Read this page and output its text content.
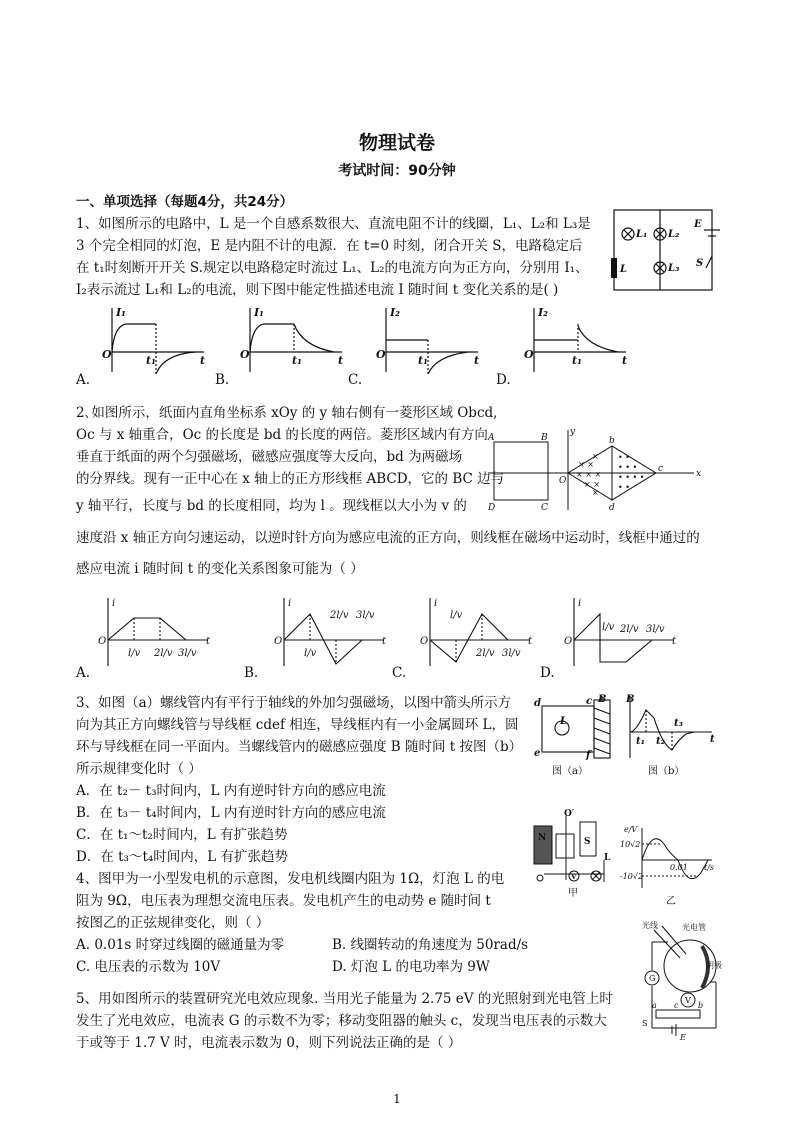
物理试卷
考试时间：90分钟
一、单项选择（每题4分，共24分）
1、如图所示的电路中，L 是一个自感系数很大、直流电阻不计的线圈，L₁、L₂和 L₃是
3 个完全相同的灯泡，E 是内阻不计的电源．在 t=0 时刻，闭合开关 S，电路稳定后
在 t₁时刻断开开关 S.规定以电路稳定时流过 L₁、L₂的电流方向为正方向，分别用 I₁、
I₂表示流过 L₁和 L₂的电流，则下图中能定性描述电流 I 随时间 t 变化关系的是( )
E
L₁ L₂
L₃
L
S
I₁
O	t₁	t
I₁
O	t₁	t
I₂
O	t₁	t
I₂
O	t₁	t
A.	B.	C.	D.
2､如图所示，纸面内直角坐标系 xOy 的 y 轴右侧有一菱形区域 Obcd,
Oc 与 x 轴重合，Oc 的长度是 bd 的长度的两倍。菱形区域内有方向
垂直于纸面的两个匀强磁场，磁感应强度等大反向，bd 为两磁场
的分界线。现有一正中心在 x 轴上的正方形线框 ABCD，它的 BC 边与
y 轴平行，长度与 bd 的长度相同，均为 l 。现线框以大小为 v 的
速度沿 x 轴正方向匀速运动，以逆时针方向为感应电流的正方向，则线框在磁场中运动时，线框中通过的
感应电流 i 随时间 t 的变化关系图象可能为（ ）
× ×
× × ×
× ×
×
×
• •
• • •
• • • •
• •
A	B
C
D
y
b
c
d
x
O
i
O	t
l/v 2l/v 3l/v
i
O	t
l/v
2l/v 3l/v
i
O	t
l/v
2l/v 3l/v
i
O	t
l/v 2l/v 3l/v
A.	B.	C.	D.
3、如图（a）螺线管内有平行于轴线的外加匀强磁场，以图中箭头所示方
向为其正方向螺线管与导线框 cdef 相连，导线框内有一小金属圆环 L，圆
环与导线框在同一平面内。当螺线管内的磁感应强度 B 随时间 t 按图（b）
所示规律变化时（ ）
A．在 t₂－ t₃时间内，L 内有逆时针方向的感应电流
B．在 t₃－ t₄时间内，L 内有逆时针方向的感应电流
C．在 t₁～t₂时间内，L 有扩张趋势
D．在 t₃～t₄时间内，L 有扩张趋势
d
e
c
f
L
B
图（a）
B
t₁ t₂
t₃
t
图（b）
4、图甲为一小型发电机的示意图，发电机线圈内阻为 1Ω，灯泡 L 的电
阻为 9Ω，电压表为理想交流电压表。发电机产生的电动势 e 随时间 t
按图乙的正弦规律变化，则（ ）
A. 0.01s 时穿过线圈的磁通量为零	B. 线圈转动的角速度为 50rad/s
C. 电压表的示数为 10V	D. 灯泡 L 的电功率为 9W
N	S
O′
V
L
甲
e/V
10√2
-10√2
0.01 t/s
乙
5、用如图所示的装置研究光电效应现象. 当用光子能量为 2.75 eV 的光照射到光电管上时
发生了光电效应，电流表 G 的示数不为零；移动变阻器的触头 c，发现当电压表的示数大
于或等于 1.7 V 时，电流表示数为 0，则下列说法正确的是（ ）
光线	光电管
阴极
G
V
a	b
c
S
E
1
